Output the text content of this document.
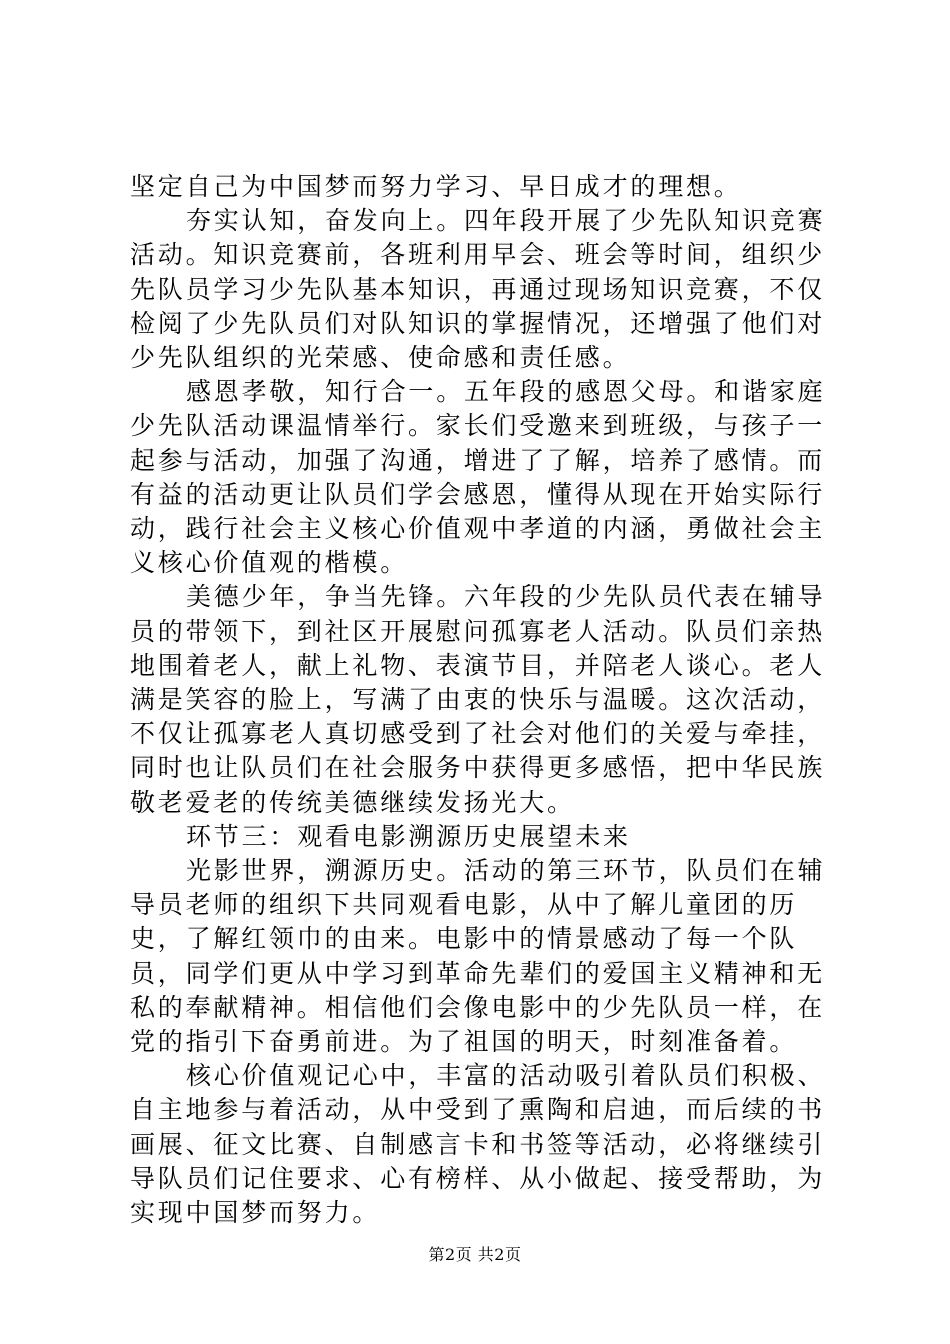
坚定自己为中国梦而努力学习、早日成才的理想。

夯实认知，奋发向上。四年段开展了少先队知识竞赛活动。知识竞赛前，各班利用早会、班会等时间，组织少先队员学习少先队基本知识，再通过现场知识竞赛，不仅检阅了少先队员们对队知识的掌握情况，还增强了他们对少先队组织的光荣感、使命感和责任感。

感恩孝敬，知行合一。五年段的感恩父母。和谐家庭少先队活动课温情举行。家长们受邀来到班级，与孩子一起参与活动，加强了沟通，增进了了解，培养了感情。而有益的活动更让队员们学会感恩，懂得从现在开始实际行动，践行社会主义核心价值观中孝道的内涵，勇做社会主义核心价值观的楷模。

美德少年，争当先锋。六年段的少先队员代表在辅导员的带领下，到社区开展慰问孤寡老人活动。队员们亲热地围着老人，献上礼物、表演节目，并陪老人谈心。老人满是笑容的脸上，写满了由衷的快乐与温暖。这次活动，不仅让孤寡老人真切感受到了社会对他们的关爱与牵挂，同时也让队员们在社会服务中获得更多感悟，把中华民族敬老爱老的传统美德继续发扬光大。

环节三：观看电影溯源历史展望未来

光影世界，溯源历史。活动的第三环节，队员们在辅导员老师的组织下共同观看电影，从中了解儿童团的历史，了解红领巾的由来。电影中的情景感动了每一个队员，同学们更从中学习到革命先辈们的爱国主义精神和无私的奉献精神。相信他们会像电影中的少先队员一样，在党的指引下奋勇前进。为了祖国的明天，时刻准备着。

核心价值观记心中，丰富的活动吸引着队员们积极、自主地参与着活动，从中受到了熏陶和启迪，而后续的书画展、征文比赛、自制感言卡和书签等活动，必将继续引导队员们记住要求、心有榜样、从小做起、接受帮助，为实现中国梦而努力。

第2页 共2页
